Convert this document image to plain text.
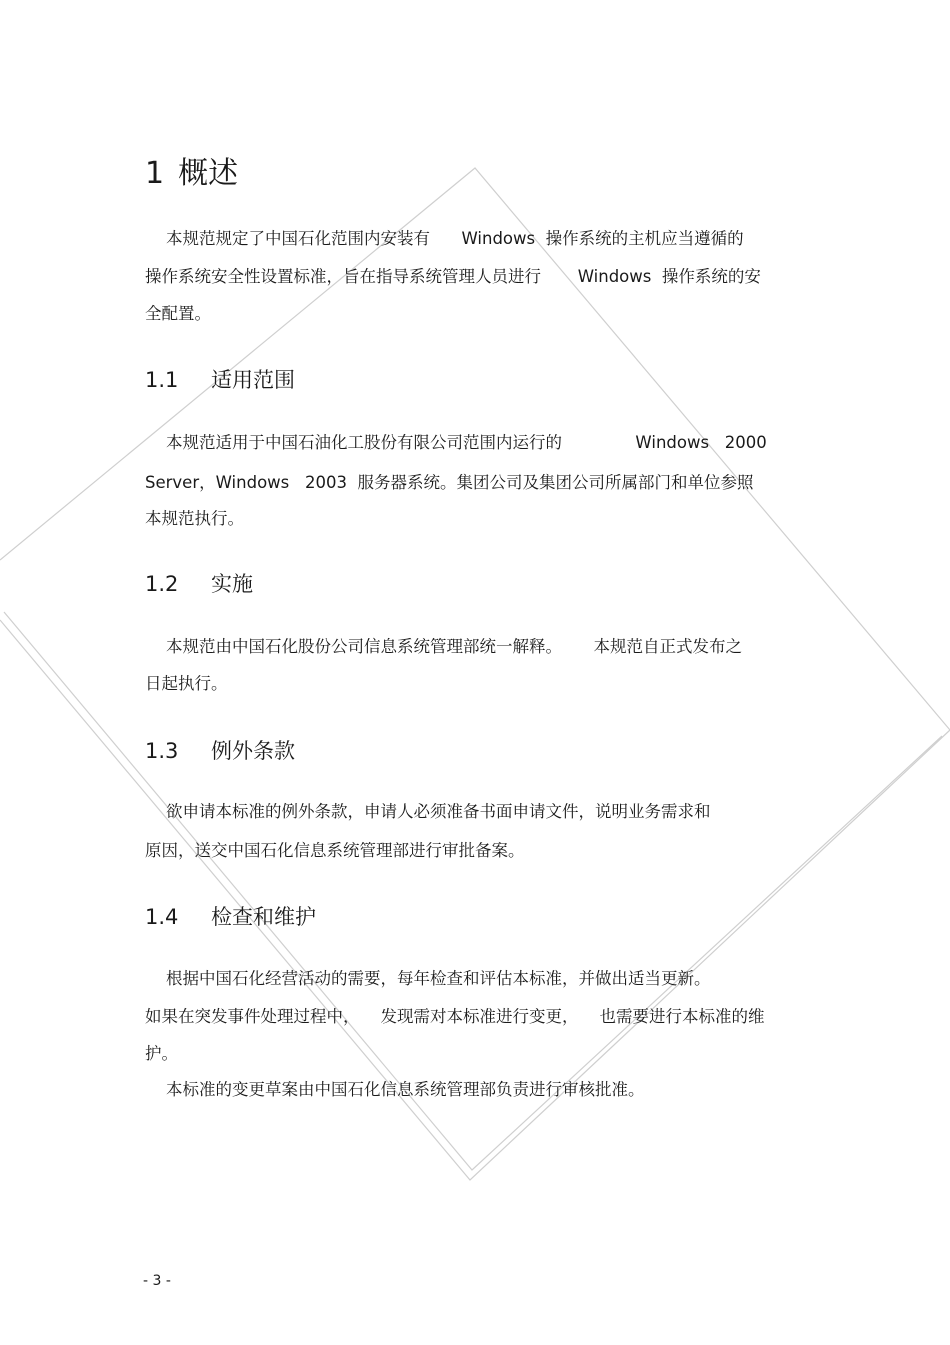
1 概述
本规范规定了中国石化范围内安装有      Windows  操作系统的主机应当遵循的
操作系统安全性设置标准，旨在指导系统管理人员进行       Windows  操作系统的安
全配置。
1.1 适用范围
本规范适用于中国石油化工股份有限公司范围内运行的              Windows   2000
Server，Windows   2003  服务器系统。集团公司及集团公司所属部门和单位参照
本规范执行。
1.2 实施
本规范由中国石化股份公司信息系统管理部统一解释。      本规范自正式发布之
日起执行。
1.3 例外条款
欲申请本标准的例外条款，申请人必须准备书面申请文件，说明业务需求和
原因，送交中国石化信息系统管理部进行审批备案。
1.4 检查和维护
根据中国石化经营活动的需要，每年检查和评估本标准，并做出适当更新。
如果在突发事件处理过程中，    发现需对本标准进行变更，    也需要进行本标准的维
护。
本标准的变更草案由中国石化信息系统管理部负责进行审核批准。
- 3 -
